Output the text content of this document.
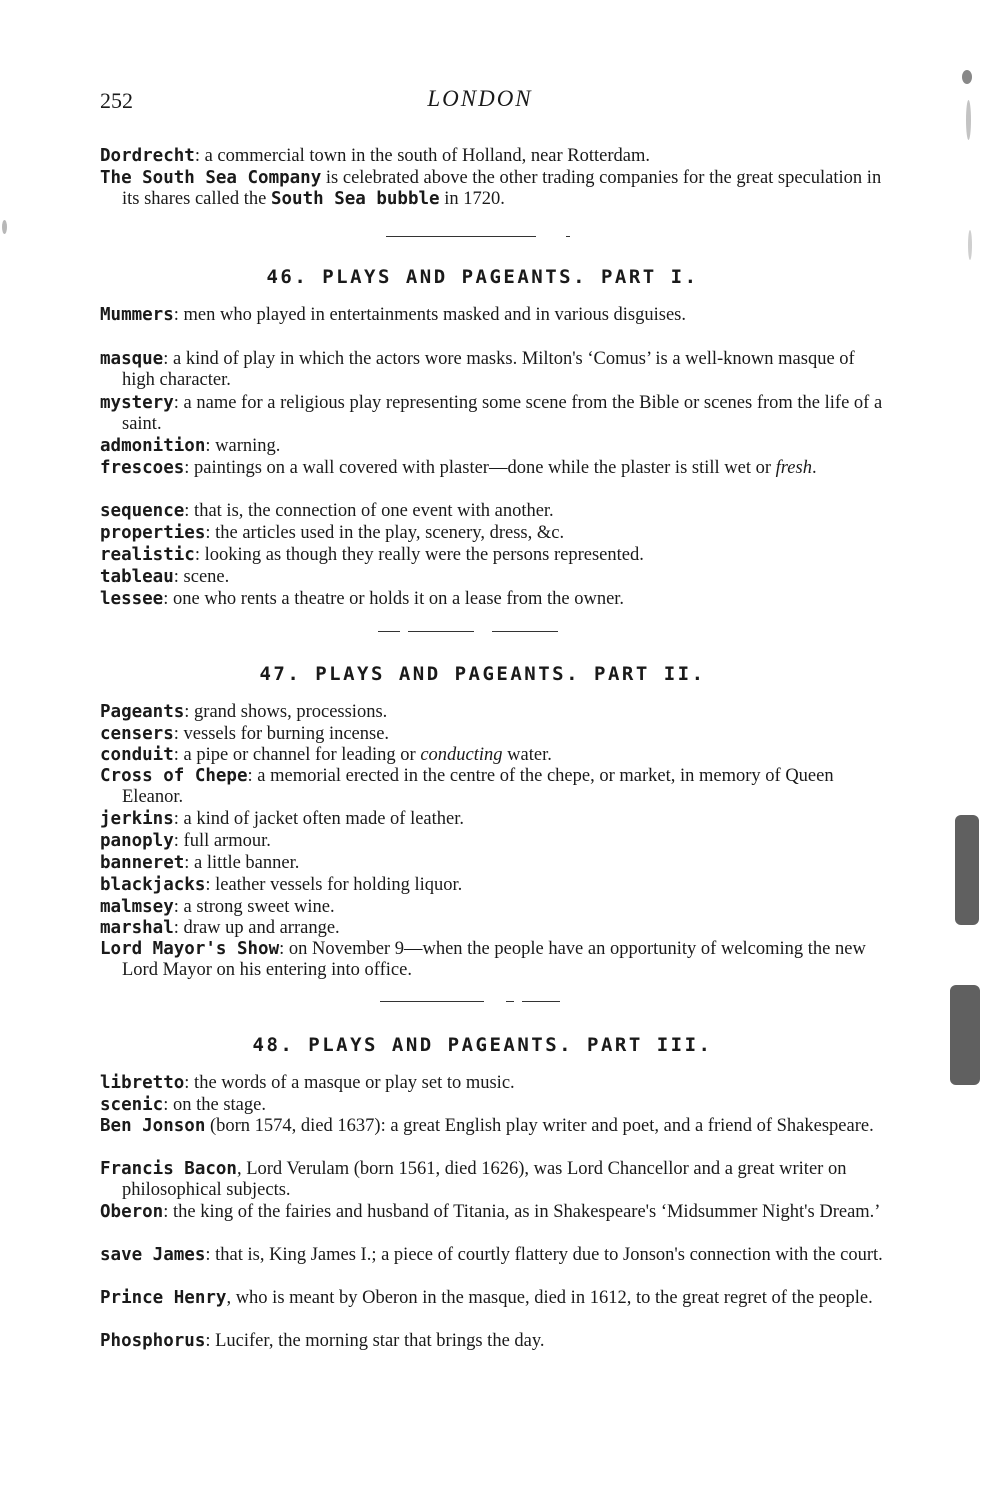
252	LONDON
Dordrecht: a commercial town in the south of Holland, near Rotterdam.
The South Sea Company is celebrated above the other trading companies for the great speculation in its shares called the South Sea bubble in 1720.
46. PLAYS AND PAGEANTS. PART I.
Mummers: men who played in entertainments masked and in various disguises.
masque: a kind of play in which the actors wore masks. Milton's ‘Comus’ is a well-known masque of high character.
mystery: a name for a religious play representing some scene from the Bible or scenes from the life of a saint.
admonition: warning.
frescoes: paintings on a wall covered with plaster—done while the plaster is still wet or fresh.
sequence: that is, the connection of one event with another.
properties: the articles used in the play, scenery, dress, &c.
realistic: looking as though they really were the persons represented.
tableau: scene.
lessee: one who rents a theatre or holds it on a lease from the owner.
47. PLAYS AND PAGEANTS. PART II.
Pageants: grand shows, processions.
censers: vessels for burning incense.
conduit: a pipe or channel for leading or conducting water.
Cross of Chepe: a memorial erected in the centre of the chepe, or market, in memory of Queen Eleanor.
jerkins: a kind of jacket often made of leather.
panoply: full armour.
banneret: a little banner.
blackjacks: leather vessels for holding liquor.
malmsey: a strong sweet wine.
marshal: draw up and arrange.
Lord Mayor's Show: on November 9—when the people have an opportunity of welcoming the new Lord Mayor on his entering into office.
48. PLAYS AND PAGEANTS. PART III.
libretto: the words of a masque or play set to music.
scenic: on the stage.
Ben Jonson (born 1574, died 1637): a great English play writer and poet, and a friend of Shakespeare.
Francis Bacon, Lord Verulam (born 1561, died 1626), was Lord Chancellor and a great writer on philosophical subjects.
Oberon: the king of the fairies and husband of Titania, as in Shakespeare's ‘Midsummer Night's Dream.’
save James: that is, King James I.; a piece of courtly flattery due to Jonson's connection with the court.
Prince Henry, who is meant by Oberon in the masque, died in 1612, to the great regret of the people.
Phosphorus: Lucifer, the morning star that brings the day.
